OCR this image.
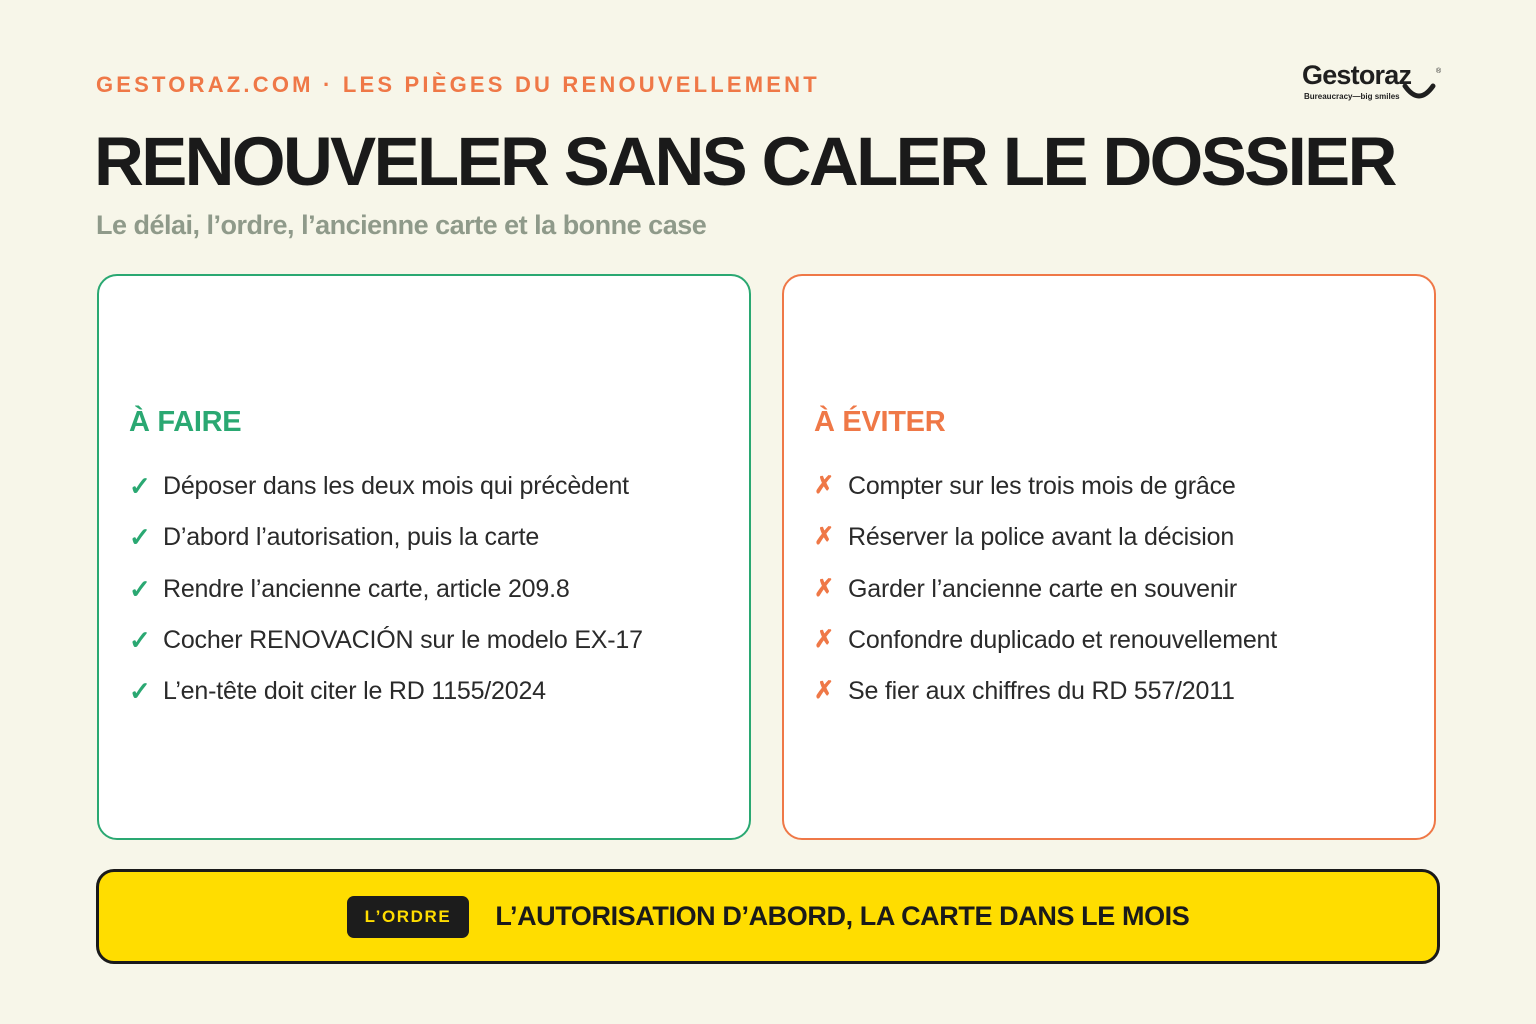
GESTORAZ.COM · LES PIÈGES DU RENOUVELLEMENT	Gestoraz	®
Bureaucracy—big smiles
RENOUVELER SANS CALER LE DOSSIER
Le délai, l’ordre, l’ancienne carte et la bonne case
À FAIRE
✓ Déposer dans les deux mois qui précèdent
✓ D’abord l’autorisation, puis la carte
✓ Rendre l’ancienne carte, article 209.8
✓ Cocher RENOVACIÓN sur le modelo EX-17
✓ L’en-tête doit citer le RD 1155/2024
À ÉVITER
✗ Compter sur les trois mois de grâce
✗ Réserver la police avant la décision
✗ Garder l’ancienne carte en souvenir
✗ Confondre duplicado et renouvellement
✗ Se fier aux chiffres du RD 557/2011
L’ORDRE	L’AUTORISATION D’ABORD, LA CARTE DANS LE MOIS
